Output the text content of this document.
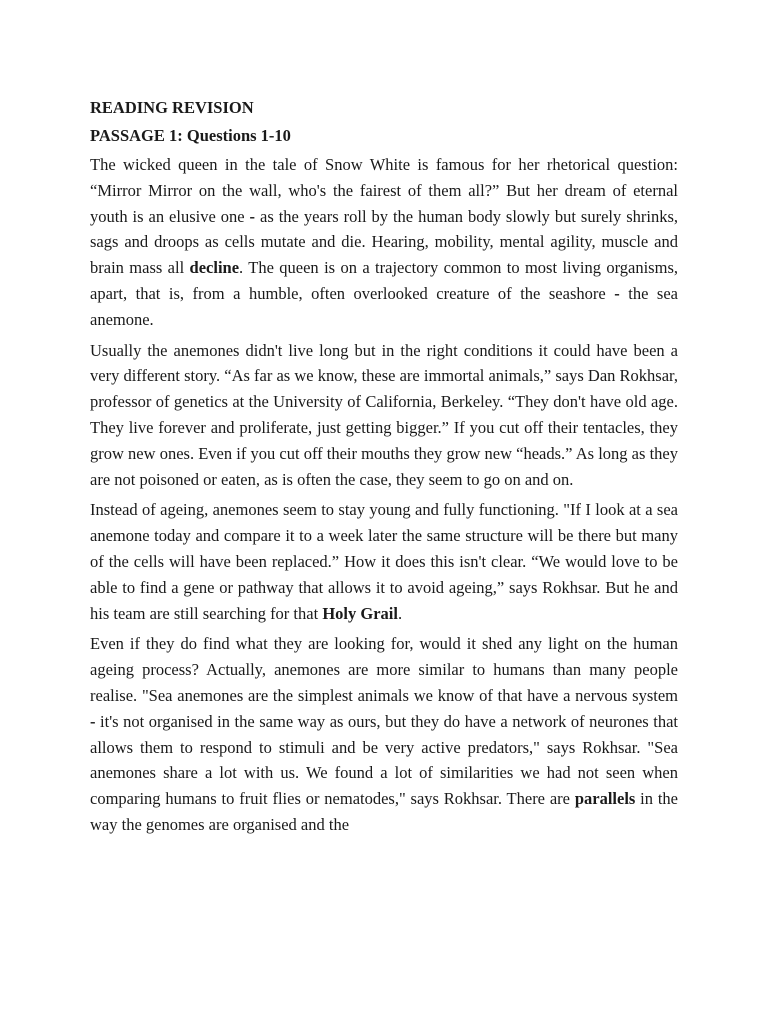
READING REVISION
PASSAGE 1: Questions 1-10

The wicked queen in the tale of Snow White is famous for her rhetorical question: “Mirror Mirror on the wall, who's the fairest of them all?” But her dream of eternal youth is an elusive one - as the years roll by the human body slowly but surely shrinks, sags and droops as cells mutate and die. Hearing, mobility, mental agility, muscle and brain mass all decline. The queen is on a trajectory common to most living organisms, apart, that is, from a humble, often overlooked creature of the seashore - the sea anemone.

Usually the anemones didn't live long but in the right conditions it could have been a very different story. “As far as we know, these are immortal animals,” says Dan Rokhsar, professor of genetics at the University of California, Berkeley. “They don't have old age. They live forever and proliferate, just getting bigger.” If you cut off their tentacles, they grow new ones. Even if you cut off their mouths they grow new “heads.” As long as they are not poisoned or eaten, as is often the case, they seem to go on and on.

Instead of ageing, anemones seem to stay young and fully functioning. "If I look at a sea anemone today and compare it to a week later the same structure will be there but many of the cells will have been replaced.” How it does this isn't clear. “We would love to be able to find a gene or pathway that allows it to avoid ageing,” says Rokhsar. But he and his team are still searching for that Holy Grail.

Even if they do find what they are looking for, would it shed any light on the human ageing process? Actually, anemones are more similar to humans than many people realise. "Sea anemones are the simplest animals we know of that have a nervous system - it's not organised in the same way as ours, but they do have a network of neurones that allows them to respond to stimuli and be very active predators," says Rokhsar. "Sea anemones share a lot with us. We found a lot of similarities we had not seen when comparing humans to fruit flies or nematodes," says Rokhsar. There are parallels in the way the genomes are organised and the
